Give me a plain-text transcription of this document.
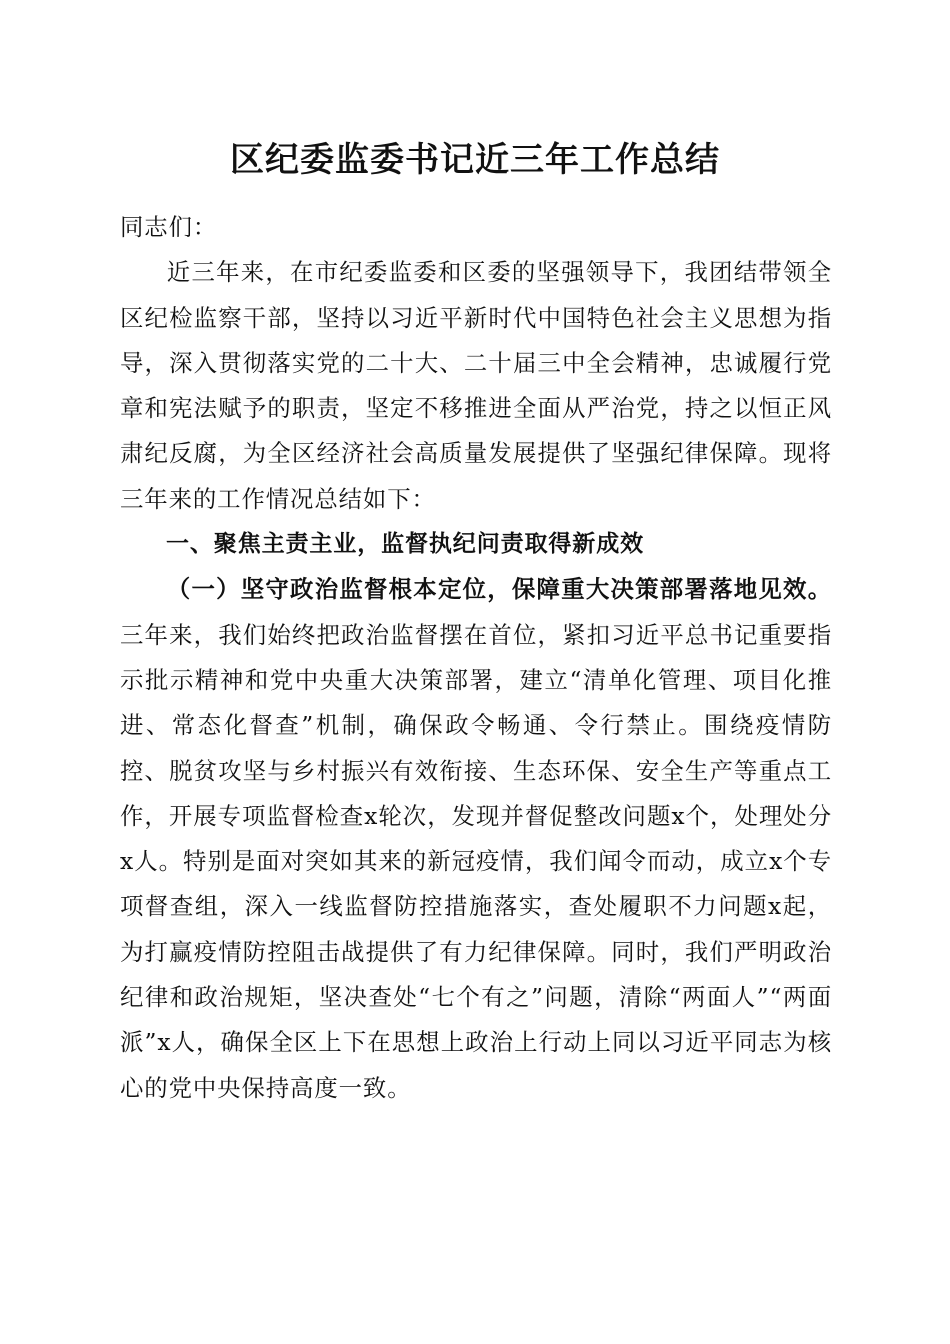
区纪委监委书记近三年工作总结

同志们：

近三年来，在市纪委监委和区委的坚强领导下，我团结带领全区纪检监察干部，坚持以习近平新时代中国特色社会主义思想为指导，深入贯彻落实党的二十大、二十届三中全会精神，忠诚履行党章和宪法赋予的职责，坚定不移推进全面从严治党，持之以恒正风肃纪反腐，为全区经济社会高质量发展提供了坚强纪律保障。现将三年来的工作情况总结如下：

一、聚焦主责主业，监督执纪问责取得新成效

（一）坚守政治监督根本定位，保障重大决策部署落地见效。三年来，我们始终把政治监督摆在首位，紧扣习近平总书记重要指示批示精神和党中央重大决策部署，建立“清单化管理、项目化推进、常态化督查”机制，确保政令畅通、令行禁止。围绕疫情防控、脱贫攻坚与乡村振兴有效衔接、生态环保、安全生产等重点工作，开展专项监督检查x轮次，发现并督促整改问题x个，处理处分x人。特别是面对突如其来的新冠疫情，我们闻令而动，成立x个专项督查组，深入一线监督防控措施落实，查处履职不力问题x起，为打赢疫情防控阻击战提供了有力纪律保障。同时，我们严明政治纪律和政治规矩，坚决查处“七个有之”问题，清除“两面人”“两面派”x人，确保全区上下在思想上政治上行动上同以习近平同志为核心的党中央保持高度一致。
